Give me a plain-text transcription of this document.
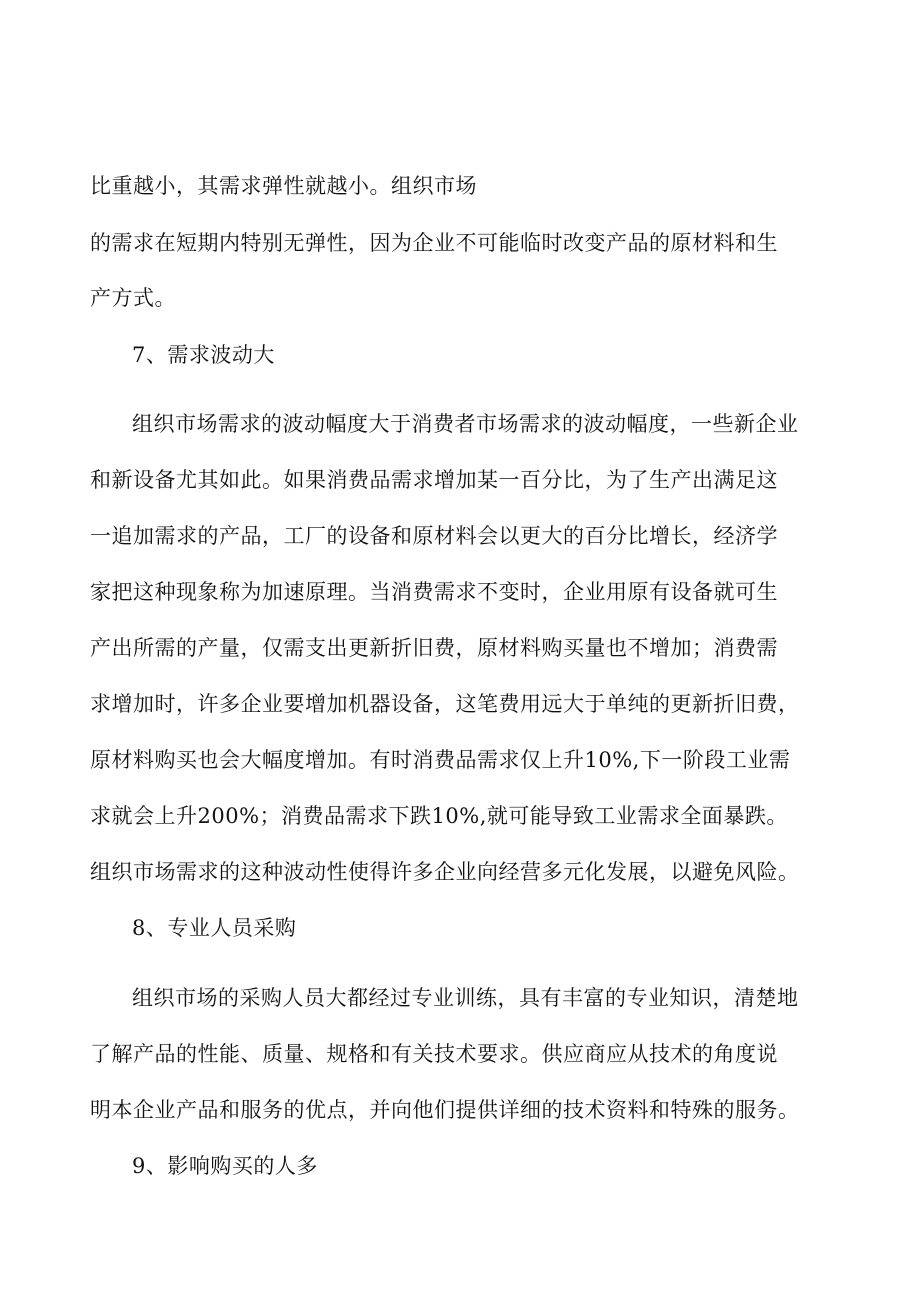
比重越小，其需求弹性就越小。组织市场
的需求在短期内特别无弹性，因为企业不可能临时改变产品的原材料和生
产方式。
7、需求波动大
组织市场需求的波动幅度大于消费者市场需求的波动幅度，一些新企业
和新设备尤其如此。如果消费品需求增加某一百分比，为了生产出满足这
一追加需求的产品，工厂的设备和原材料会以更大的百分比增长，经济学
家把这种现象称为加速原理。当消费需求不变时，企业用原有设备就可生
产出所需的产量，仅需支出更新折旧费，原材料购买量也不增加；消费需
求增加时，许多企业要增加机器设备，这笔费用远大于单纯的更新折旧费，
原材料购买也会大幅度增加。有时消费品需求仅上升10%,下一阶段工业需
求就会上升200%；消费品需求下跌10%,就可能导致工业需求全面暴跌。
组织市场需求的这种波动性使得许多企业向经营多元化发展，以避免风险。
8、专业人员采购
组织市场的采购人员大都经过专业训练，具有丰富的专业知识，清楚地
了解产品的性能、质量、规格和有关技术要求。供应商应从技术的角度说
明本企业产品和服务的优点，并向他们提供详细的技术资料和特殊的服务。
9、影响购买的人多
